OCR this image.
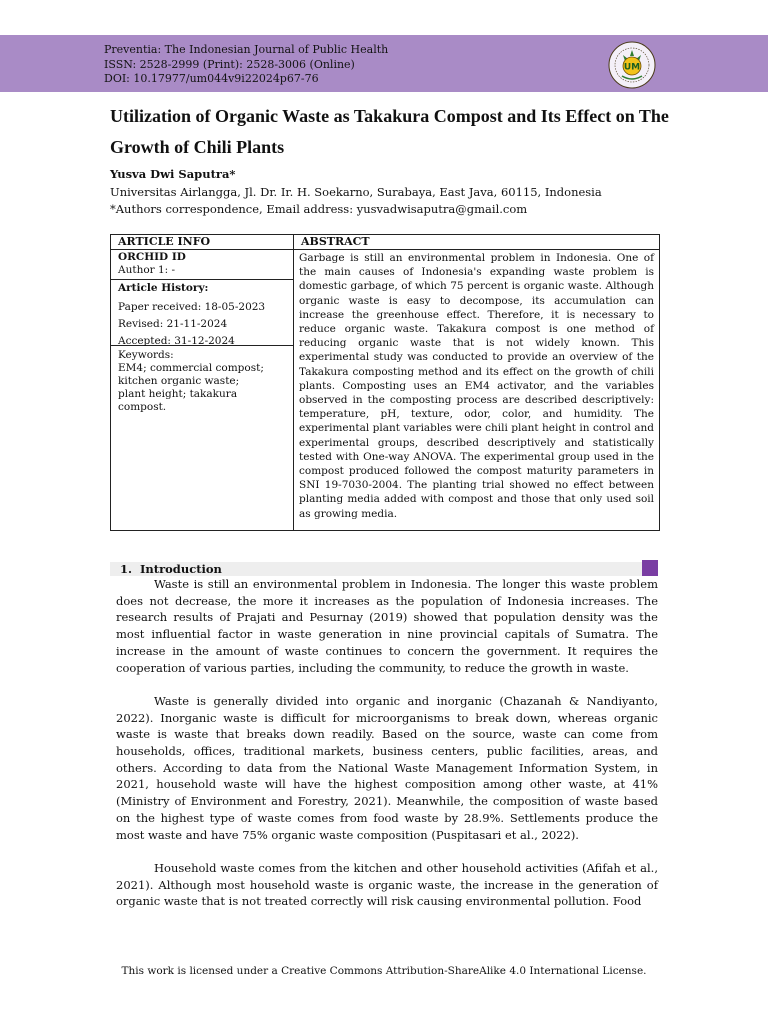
Preventia: The Indonesian Journal of Public Health
ISSN: 2528-2999 (Print): 2528-3006 (Online)
DOI: 10.17977/um044v9i22024p67-76
UM
Utilization of Organic Waste as Takakura Compost and Its Effect on The Growth of Chili Plants
Yusva Dwi Saputra*
Universitas Airlangga, Jl. Dr. Ir. H. Soekarno, Surabaya, East Java, 60115, Indonesia
*Authors correspondence, Email address: yusvadwisaputra@gmail.com
ARTICLE INFO
ORCHID ID
Author 1: -
Article History:
Paper received: 18-05-2023
Revised: 21-11-2024
Accepted: 31-12-2024
Keywords:
EM4; commercial compost;
kitchen organic waste;
plant height; takakura
compost.
ABSTRACT
Garbage is still an environmental problem in Indonesia. One of the main causes of Indonesia's expanding waste problem is domestic garbage, of which 75 percent is organic waste. Although organic waste is easy to decompose, its accumulation can increase the greenhouse effect. Therefore, it is necessary to reduce organic waste. Takakura compost is one method of reducing organic waste that is not widely known. This experimental study was conducted to provide an overview of the Takakura composting method and its effect on the growth of chili plants. Composting uses an EM4 activator, and the variables observed in the composting process are described descriptively: temperature, pH, texture, odor, color, and humidity. The experimental plant variables were chili plant height in control and experimental groups, described descriptively and statistically tested with One-way ANOVA. The experimental group used in the compost produced followed the compost maturity parameters in SNI 19-7030-2004. The planting trial showed no effect between planting media added with compost and those that only used soil as growing media.
1.  Introduction

Waste is still an environmental problem in Indonesia. The longer this waste problem does not decrease, the more it increases as the population of Indonesia increases. The research results of Prajati and Pesurnay (2019) showed that population density was the most influential factor in waste generation in nine provincial capitals of Sumatra. The increase in the amount of waste continues to concern the government. It requires the cooperation of various parties, including the community, to reduce the growth in waste.

Waste is generally divided into organic and inorganic (Chazanah & Nandiyanto, 2022). Inorganic waste is difficult for microorganisms to break down, whereas organic waste is waste that breaks down readily. Based on the source, waste can come from households, offices, traditional markets, business centers, public facilities, areas, and others. According to data from the National Waste Management Information System, in 2021, household waste will have the highest composition among other waste, at 41% (Ministry of Environment and Forestry, 2021). Meanwhile, the composition of waste based on the highest type of waste comes from food waste by 28.9%. Settlements produce the most waste and have 75% organic waste composition (Puspitasari et al., 2022).

Household waste comes from the kitchen and other household activities (Afifah et al., 2021). Although most household waste is organic waste, the increase in the generation of organic waste that is not treated correctly will risk causing environmental pollution. Food

This work is licensed under a Creative Commons Attribution-ShareAlike 4.0 International License.
